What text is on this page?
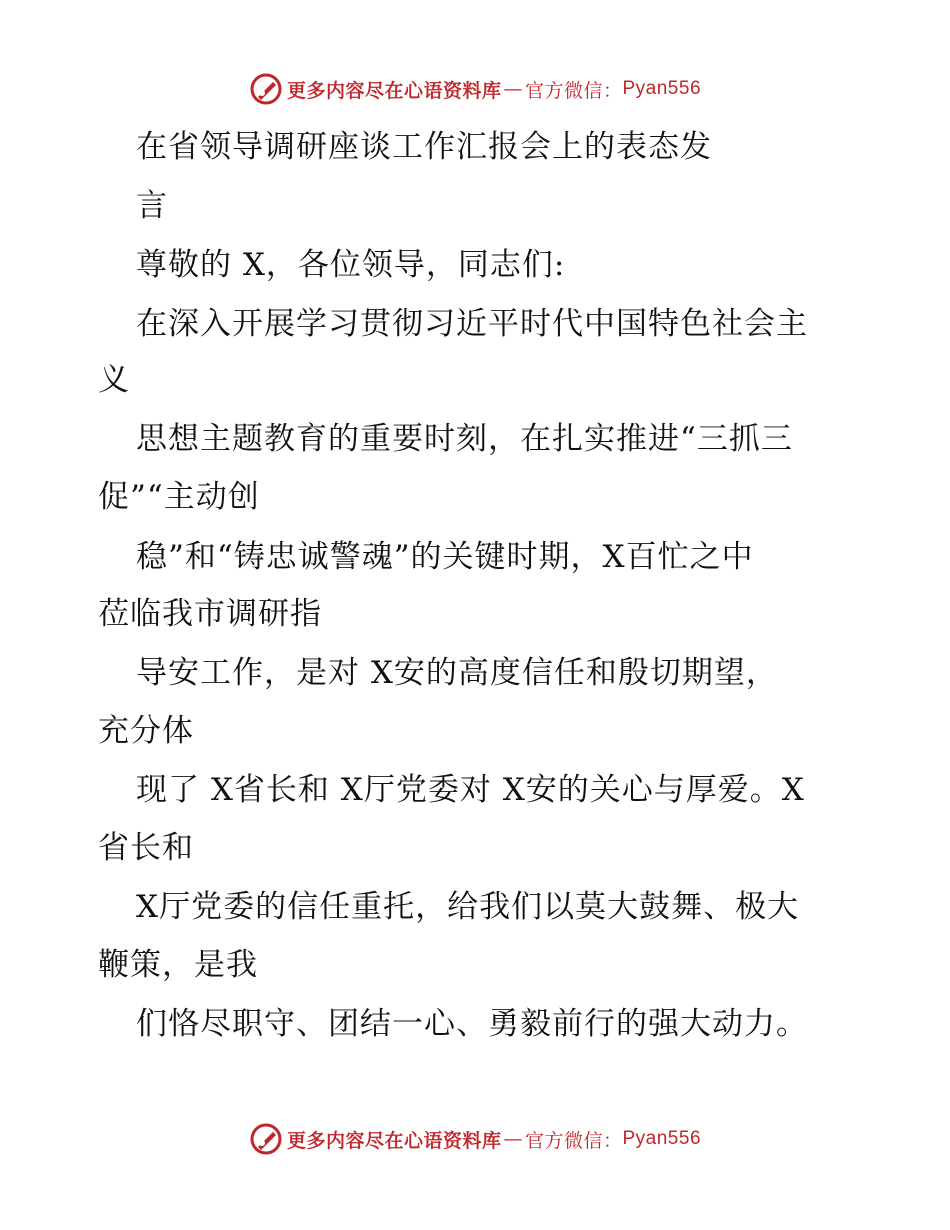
更多内容尽在心语资料库 — 官方微信： Pyan556
在省领导调研座谈工作汇报会上的表态发
言
尊敬的 X，各位领导，同志们:
在深入开展学习贯彻习近平时代中国特色社会主
义
思想主题教育的重要时刻，在扎实推进“三抓三
促”“主动创
稳”和“铸忠诚警魂”的关键时期，X百忙之中
莅临我市调研指
导安工作，是对 X安的高度信任和殷切期望，
充分体
现了 X省长和 X厅党委对 X安的关心与厚爱。X
省长和
X厅党委的信任重托，给我们以莫大鼓舞、极大
鞭策，是我
们恪尽职守、团结一心、勇毅前行的强大动力。
更多内容尽在心语资料库 — 官方微信： Pyan556
